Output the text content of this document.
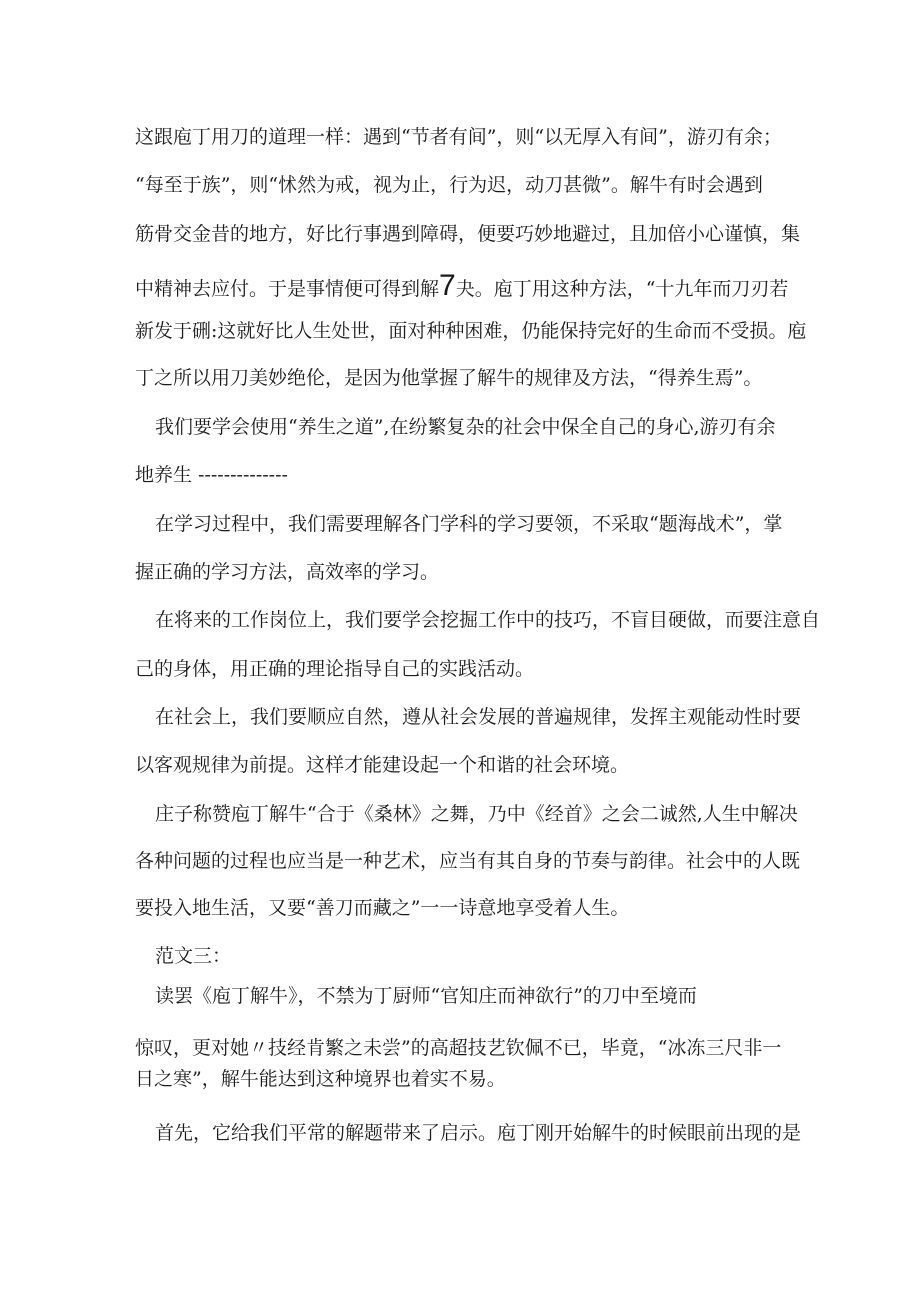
这跟庖丁用刀的道理一样：遇到“节者有间”，则“以无厚入有间”，游刃有余；
“每至于族”，则“怵然为戒，视为止，行为迟，动刀甚微”。解牛有时会遇到
筋骨交金昔的地方，好比行事遇到障碍，便要巧妙地避过，且加倍小心谨慎，集
中精神去应付。于是事情便可得到解7夬。庖丁用这种方法，“十九年而刀刃若
新发于硎:这就好比人生处世，面对种种困难，仍能保持完好的生命而不受损。庖
丁之所以用刀美妙绝伦，是因为他掌握了解牛的规律及方法，“得养生焉”。
我们要学会使用“养生之道”,在纷繁复杂的社会中保全自己的身心,游刃有余
地养生 --------------
在学习过程中，我们需要理解各门学科的学习要领，不采取“题海战术”，掌
握正确的学习方法，高效率的学习。
在将来的工作岗位上，我们要学会挖掘工作中的技巧，不盲目硬做，而要注意自
己的身体，用正确的理论指导自己的实践活动。
在社会上，我们要顺应自然，遵从社会发展的普遍规律，发挥主观能动性时要
以客观规律为前提。这样才能建设起一个和谐的社会环境。
庄子称赞庖丁解牛“合于《桑林》之舞，乃中《经首》之会二诚然,人生中解决
各种问题的过程也应当是一种艺术，应当有其自身的节奏与韵律。社会中的人既
要投入地生活，又要“善刀而藏之”一一诗意地享受着人生。
范文三：
读罢《庖丁解牛》，不禁为丁厨师“官知庄而神欲行”的刀中至境而
惊叹，更对她〃技经肯繁之未尝”的高超技艺钦佩不已，毕竟，“冰冻三尺非一
日之寒”，解牛能达到这种境界也着实不易。
首先，它给我们平常的解题带来了启示。庖丁刚开始解牛的时候眼前出现的是
